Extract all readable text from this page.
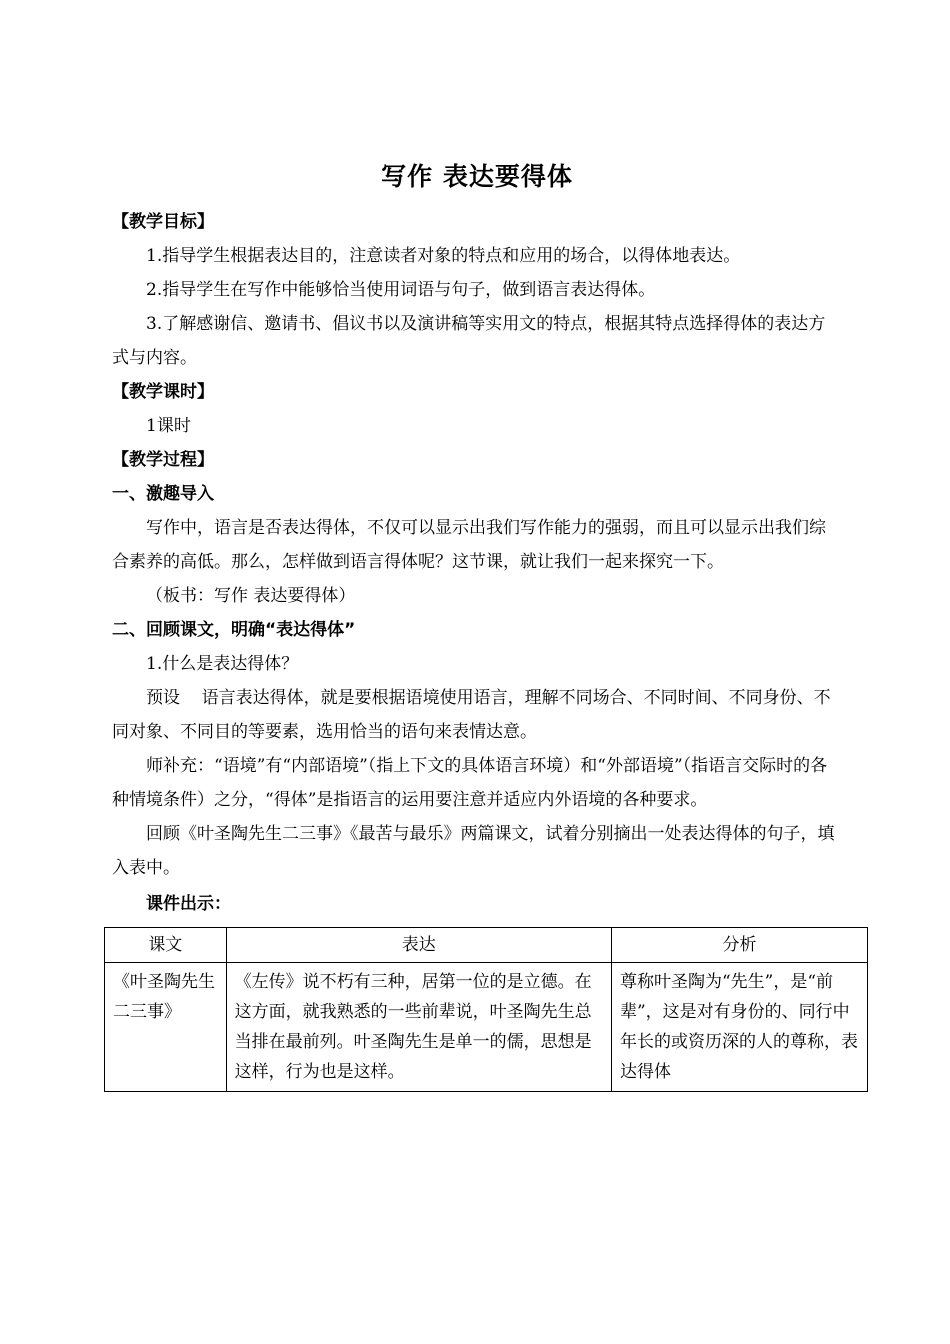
写作 表达要得体

【教学目标】

1.指导学生根据表达目的，注意读者对象的特点和应用的场合，以得体地表达。

2.指导学生在写作中能够恰当使用词语与句子，做到语言表达得体。

3.了解感谢信、邀请书、倡议书以及演讲稿等实用文的特点，根据其特点选择得体的表达方式与内容。

【教学课时】

1课时

【教学过程】

一、激趣导入

写作中，语言是否表达得体，不仅可以显示出我们写作能力的强弱，而且可以显示出我们综合素养的高低。那么，怎样做到语言得体呢？这节课，就让我们一起来探究一下。

（板书：写作 表达要得体）

二、回顾课文，明确“表达得体”

1.什么是表达得体？

预设    语言表达得体，就是要根据语境使用语言，理解不同场合、不同时间、不同身份、不同对象、不同目的等要素，选用恰当的语句来表情达意。

师补充：“语境”有“内部语境”（指上下文的具体语言环境）和“外部语境”（指语言交际时的各种情境条件）之分，“得体”是指语言的运用要注意并适应内外语境的各种要求。

回顾《叶圣陶先生二三事》《最苦与最乐》两篇课文，试着分别摘出一处表达得体的句子，填入表中。

课件出示：

课文	表达	分析
《叶圣陶先生二三事》	《左传》说不朽有三种，居第一位的是立德。在这方面，就我熟悉的一些前辈说，叶圣陶先生总当排在最前列。叶圣陶先生是单一的儒，思想是这样，行为也是这样。	尊称叶圣陶为“先生”，是“前辈”，这是对有身份的、同行中年长的或资历深的人的尊称，表达得体
